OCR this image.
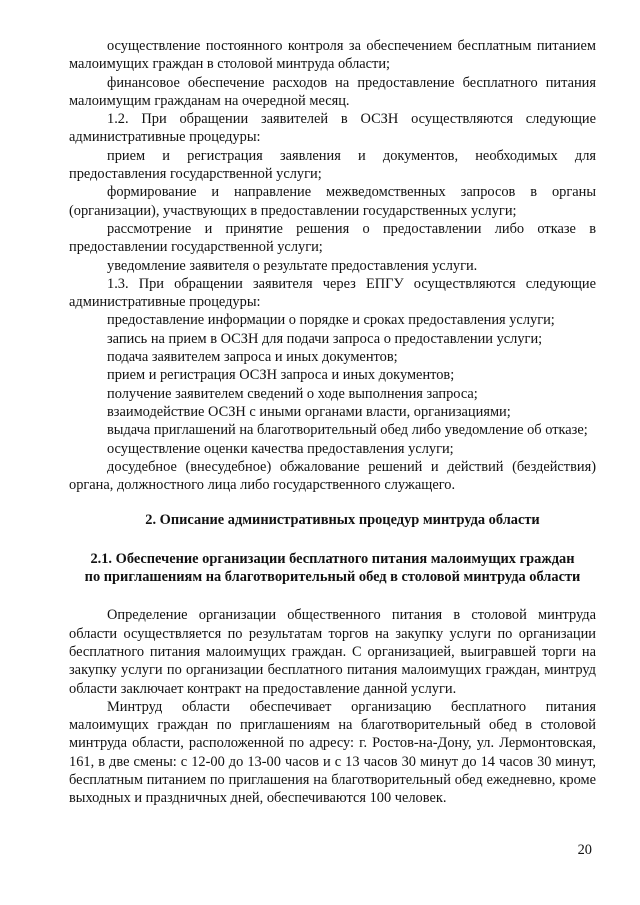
осуществление постоянного контроля за обеспечением бесплатным питанием малоимущих граждан в столовой минтруда области;

финансовое обеспечение расходов на предоставление бесплатного питания малоимущим гражданам на очередной месяц.

1.2. При обращении заявителей в ОСЗН осуществляются следующие административные процедуры:

прием и регистрация заявления и документов, необходимых для предоставления государственной услуги;

формирование и направление межведомственных запросов в органы (организации), участвующих в предоставлении государственных услуги;

рассмотрение и принятие решения о предоставлении либо отказе в предоставлении государственной услуги;

уведомление заявителя о результате предоставления услуги.

1.3. При обращении заявителя через ЕПГУ осуществляются следующие административные процедуры:

предоставление информации о порядке и сроках предоставления услуги;

запись на прием в ОСЗН для подачи запроса о предоставлении услуги;

подача заявителем запроса и иных документов;

прием и регистрация ОСЗН запроса и иных документов;

получение заявителем сведений о ходе выполнения запроса;

взаимодействие ОСЗН с иными органами власти, организациями;

выдача приглашений на благотворительный обед либо уведомление об отказе;

осуществление оценки качества предоставления услуги;

досудебное (внесудебное) обжалование решений и действий (бездействия) органа, должностного лица либо государственного служащего.

2. Описание административных процедур минтруда области

2.1. Обеспечение организации бесплатного питания малоимущих граждан
по приглашениям на благотворительный обед в столовой минтруда области

Определение организации общественного питания в столовой минтруда области осуществляется по результатам торгов на закупку услуги по организации бесплатного питания малоимущих граждан. С организацией, выигравшей торги на закупку услуги по организации бесплатного питания малоимущих граждан, минтруд области заключает контракт на предоставление данной услуги.

Минтруд области обеспечивает организацию бесплатного питания малоимущих граждан по приглашениям на благотворительный обед в столовой минтруда области, расположенной по адресу: г. Ростов-на-Дону, ул. Лермонтовская, 161, в две смены: с 12-00 до 13-00 часов и с 13 часов 30 минут до 14 часов 30 минут, бесплатным питанием по приглашения на благотворительный обед ежедневно, кроме выходных и праздничных дней, обеспечиваются 100 человек.

20
